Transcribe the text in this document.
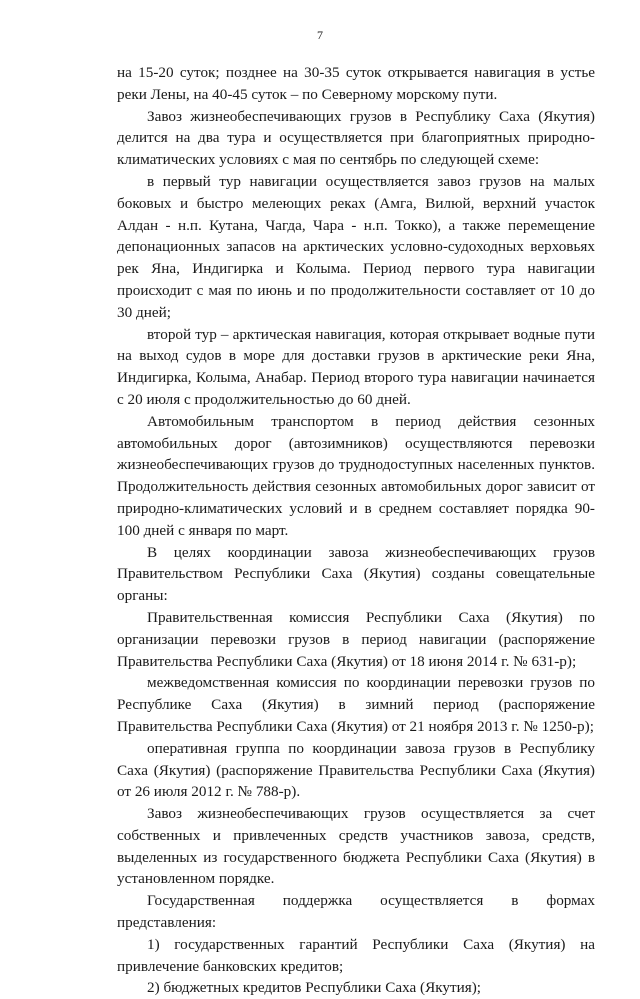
7

на 15-20 суток; позднее на 30-35 суток открывается навигация в устье реки Лены, на 40-45 суток – по Северному морскому пути.

Завоз жизнеобеспечивающих грузов в Республику Саха (Якутия) делится на два тура и осуществляется при благоприятных природно-климатических условиях с мая по сентябрь по следующей схеме:

в первый тур навигации осуществляется завоз грузов на малых боковых и быстро мелеющих реках (Амга, Вилюй, верхний участок Алдан - н.п. Кутана, Чагда, Чара - н.п. Токко), а также перемещение депонационных запасов на арктических условно-судоходных верховьях рек Яна, Индигирка и Колыма. Период первого тура навигации происходит с мая по июнь и по продолжительности составляет от 10 до 30 дней;

второй тур – арктическая навигация, которая открывает водные пути на выход судов в море для доставки грузов в арктические реки Яна, Индигирка, Колыма, Анабар. Период второго тура навигации начинается с 20 июля с продолжительностью до 60 дней.

Автомобильным транспортом в период действия сезонных автомобильных дорог (автозимников) осуществляются перевозки жизнеобеспечивающих грузов до труднодоступных населенных пунктов. Продолжительность действия сезонных автомобильных дорог зависит от природно-климатических условий и в среднем составляет порядка 90-100 дней с января по март.

В целях координации завоза жизнеобеспечивающих грузов Правительством Республики Саха (Якутия) созданы совещательные органы:

Правительственная комиссия Республики Саха (Якутия) по организации перевозки грузов в период навигации (распоряжение Правительства Республики Саха (Якутия) от 18 июня 2014 г. № 631-р);

межведомственная комиссия по координации перевозки грузов по Республике Саха (Якутия) в зимний период (распоряжение Правительства Республики Саха (Якутия) от 21 ноября 2013 г. № 1250-р);

оперативная группа по координации завоза грузов в Республику Саха (Якутия) (распоряжение Правительства Республики Саха (Якутия) от 26 июля 2012 г. № 788-р).

Завоз жизнеобеспечивающих грузов осуществляется за счет собственных и привлеченных средств участников завоза, средств, выделенных из государственного бюджета Республики Саха (Якутия) в установленном порядке.

Государственная поддержка осуществляется в формах представления:

1) государственных гарантий Республики Саха (Якутия) на привлечение банковских кредитов;

2) бюджетных кредитов Республики Саха (Якутия);
